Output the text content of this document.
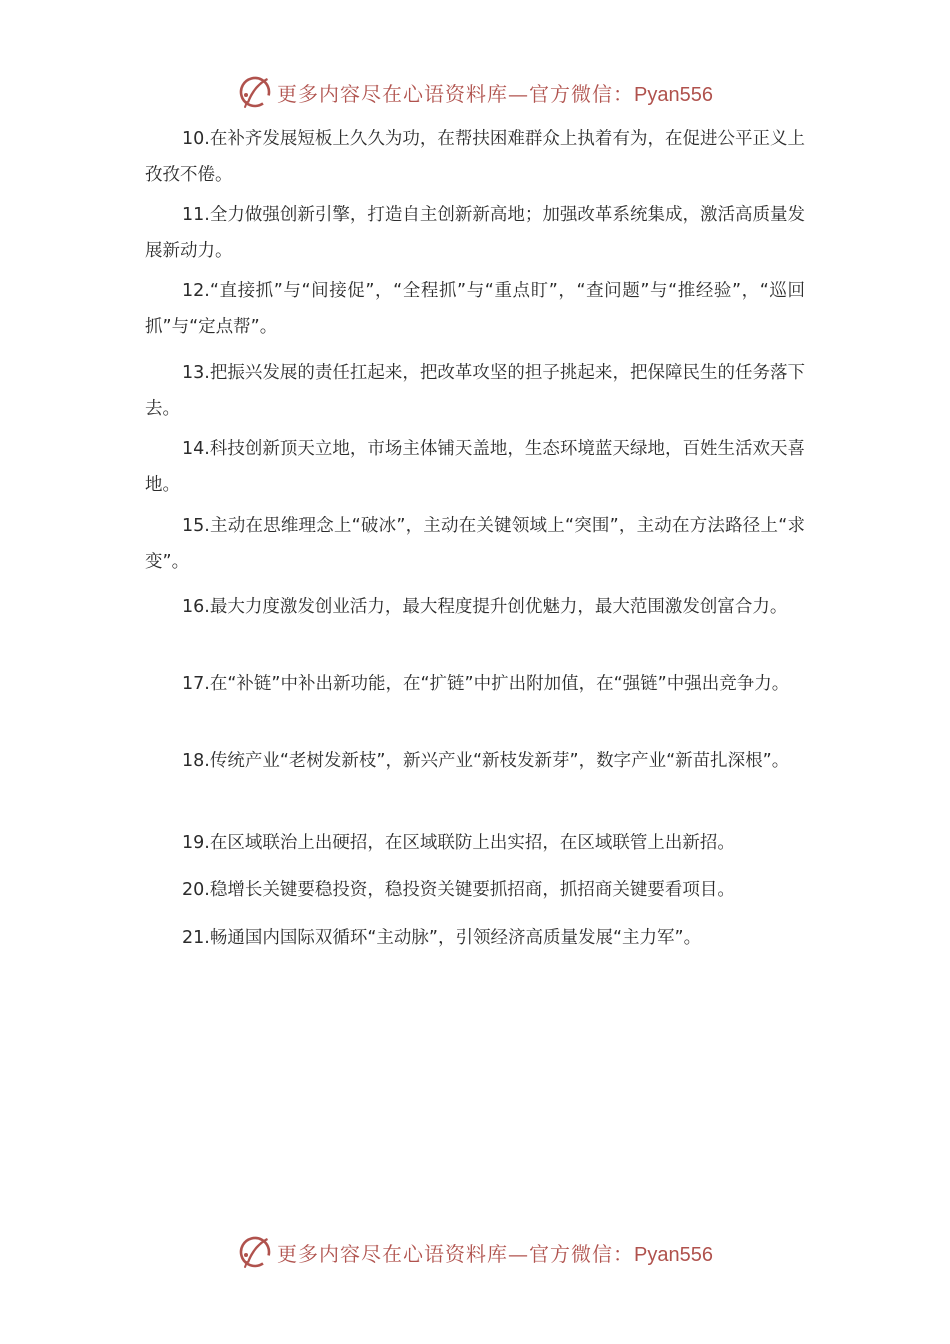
更多内容尽在心语资料库—官方微信：Pyan556

10.在补齐发展短板上久久为功，在帮扶困难群众上执着有为，在促进公平正义上孜孜不倦。

11.全力做强创新引擎，打造自主创新新高地；加强改革系统集成，激活高质量发展新动力。

12.“直接抓”与“间接促”，“全程抓”与“重点盯”，“查问题”与“推经验”，“巡回抓”与“定点帮”。

13.把振兴发展的责任扛起来，把改革攻坚的担子挑起来，把保障民生的任务落下去。

14.科技创新顶天立地，市场主体铺天盖地，生态环境蓝天绿地，百姓生活欢天喜地。

15.主动在思维理念上“破冰”，主动在关键领域上“突围”，主动在方法路径上“求变”。

16.最大力度激发创业活力，最大程度提升创优魅力，最大范围激发创富合力。

17.在“补链”中补出新功能，在“扩链”中扩出附加值，在“强链”中强出竞争力。

18.传统产业“老树发新枝”，新兴产业“新枝发新芽”，数字产业“新苗扎深根”。

19.在区域联治上出硬招，在区域联防上出实招，在区域联管上出新招。

20.稳增长关键要稳投资，稳投资关键要抓招商，抓招商关键要看项目。

21.畅通国内国际双循环“主动脉”，引领经济高质量发展“主力军”。

更多内容尽在心语资料库—官方微信：Pyan556
